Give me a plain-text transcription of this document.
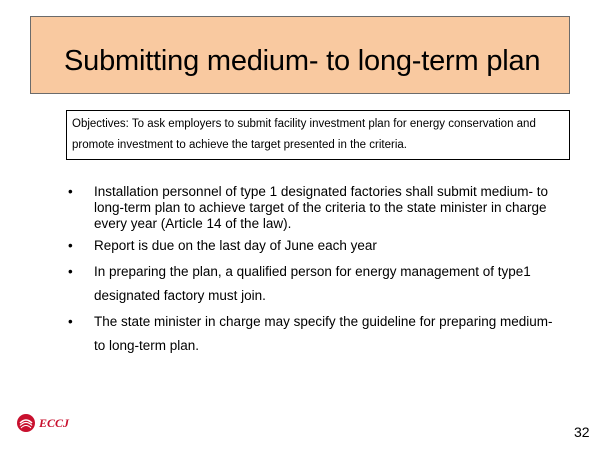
Submitting medium- to long-term plan
Objectives: To ask employers to submit facility investment plan for energy conservation and promote investment to achieve the target presented in the criteria.
• Installation personnel of type 1 designated factories shall submit medium- to long-term plan to achieve target of the criteria to the state minister in charge every year (Article 14 of the law).
• Report is due on the last day of June each year
• In preparing the plan, a qualified person for energy management of type1 designated factory must join.
• The state minister in charge may specify the guideline for preparing medium- to long-term plan.
ECCJ
32
